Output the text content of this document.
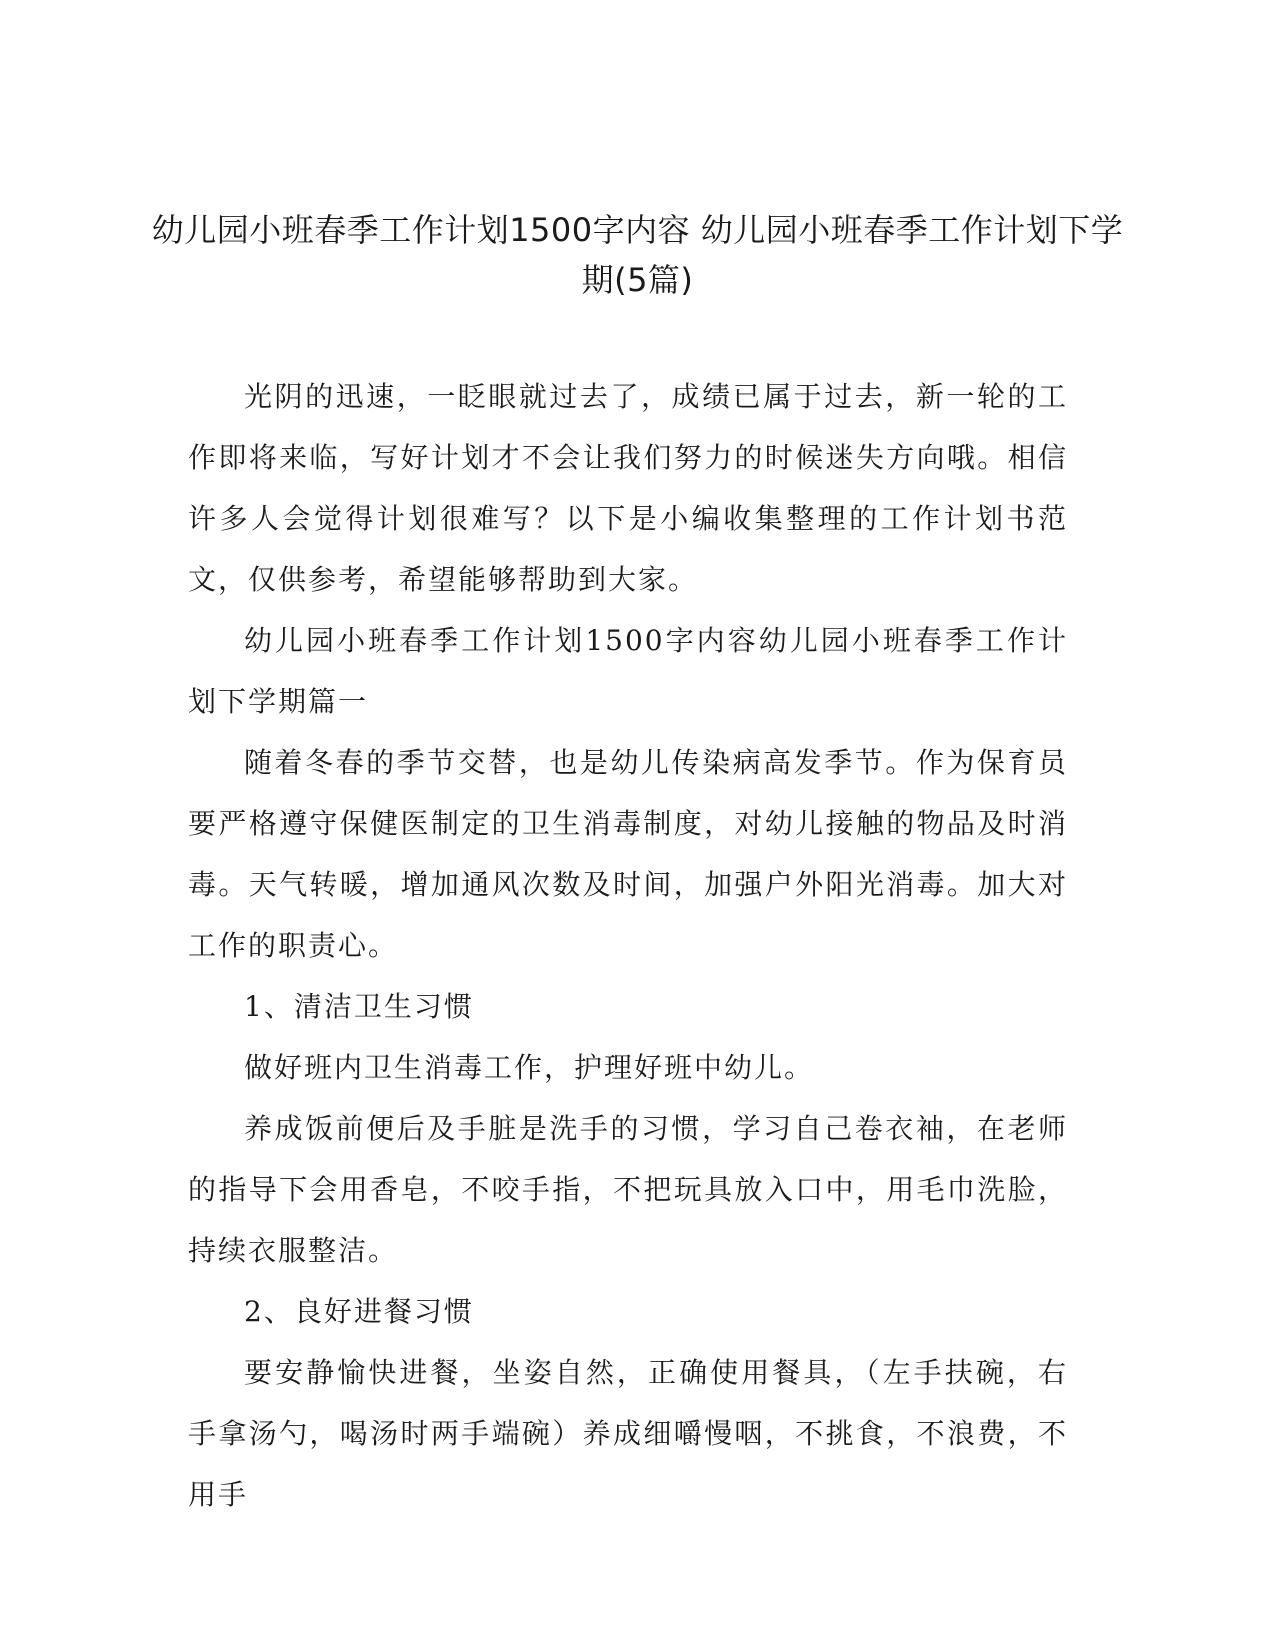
幼儿园小班春季工作计划1500字内容 幼儿园小班春季工作计划下学期(5篇)

光阴的迅速，一眨眼就过去了，成绩已属于过去，新一轮的工作即将来临，写好计划才不会让我们努力的时候迷失方向哦。相信许多人会觉得计划很难写？以下是小编收集整理的工作计划书范文，仅供参考，希望能够帮助到大家。

幼儿园小班春季工作计划1500字内容幼儿园小班春季工作计划下学期篇一

随着冬春的季节交替，也是幼儿传染病高发季节。作为保育员要严格遵守保健医制定的卫生消毒制度，对幼儿接触的物品及时消毒。天气转暖，增加通风次数及时间，加强户外阳光消毒。加大对工作的职责心。

1、清洁卫生习惯

做好班内卫生消毒工作，护理好班中幼儿。

养成饭前便后及手脏是洗手的习惯，学习自己卷衣袖，在老师的指导下会用香皂，不咬手指，不把玩具放入口中，用毛巾洗脸，持续衣服整洁。

2、良好进餐习惯

要安静愉快进餐，坐姿自然，正确使用餐具，（左手扶碗，右手拿汤勺，喝汤时两手端碗）养成细嚼慢咽，不挑食，不浪费，不用手
